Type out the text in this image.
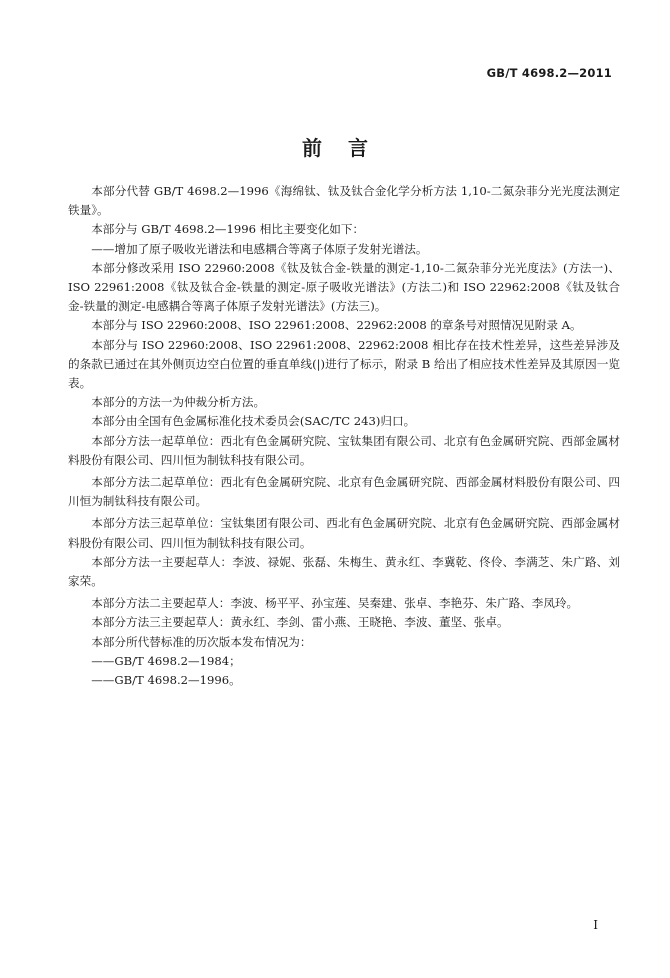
GB/T 4698.2—2011
前言

本部分代替 GB/T 4698.2—1996《海绵钛、钛及钛合金化学分析方法 1,10-二氮杂菲分光光度法测定铁量》。

本部分与 GB/T 4698.2—1996 相比主要变化如下：

——增加了原子吸收光谱法和电感耦合等离子体原子发射光谱法。

本部分修改采用 ISO 22960:2008《钛及钛合金-铁量的测定-1,10-二氮杂菲分光光度法》(方法一)、ISO 22961:2008《钛及钛合金-铁量的测定-原子吸收光谱法》(方法二)和 ISO 22962:2008《钛及钛合金-铁量的测定-电感耦合等离子体原子发射光谱法》(方法三)。

本部分与 ISO 22960:2008、ISO 22961:2008、22962:2008 的章条号对照情况见附录 A。

本部分与 ISO 22960:2008、ISO 22961:2008、22962:2008 相比存在技术性差异，这些差异涉及的条款已通过在其外侧页边空白位置的垂直单线(|)进行了标示，附录 B 给出了相应技术性差异及其原因一览表。

本部分的方法一为仲裁分析方法。

本部分由全国有色金属标准化技术委员会(SAC/TC 243)归口。

本部分方法一起草单位：西北有色金属研究院、宝钛集团有限公司、北京有色金属研究院、西部金属材料股份有限公司、四川恒为制钛科技有限公司。

本部分方法二起草单位：西北有色金属研究院、北京有色金属研究院、西部金属材料股份有限公司、四川恒为制钛科技有限公司。

本部分方法三起草单位：宝钛集团有限公司、西北有色金属研究院、北京有色金属研究院、西部金属材料股份有限公司、四川恒为制钛科技有限公司。

本部分方法一主要起草人：李波、禄妮、张磊、朱梅生、黄永红、李冀乾、佟伶、李满芝、朱广路、刘家荣。

本部分方法二主要起草人：李波、杨平平、孙宝莲、吴秦建、张卓、李艳芬、朱广路、李凤玲。

本部分方法三主要起草人：黄永红、李剑、雷小燕、王晓艳、李波、董坚、张卓。

本部分所代替标准的历次版本发布情况为：

——GB/T 4698.2—1984；

——GB/T 4698.2—1996。

I
